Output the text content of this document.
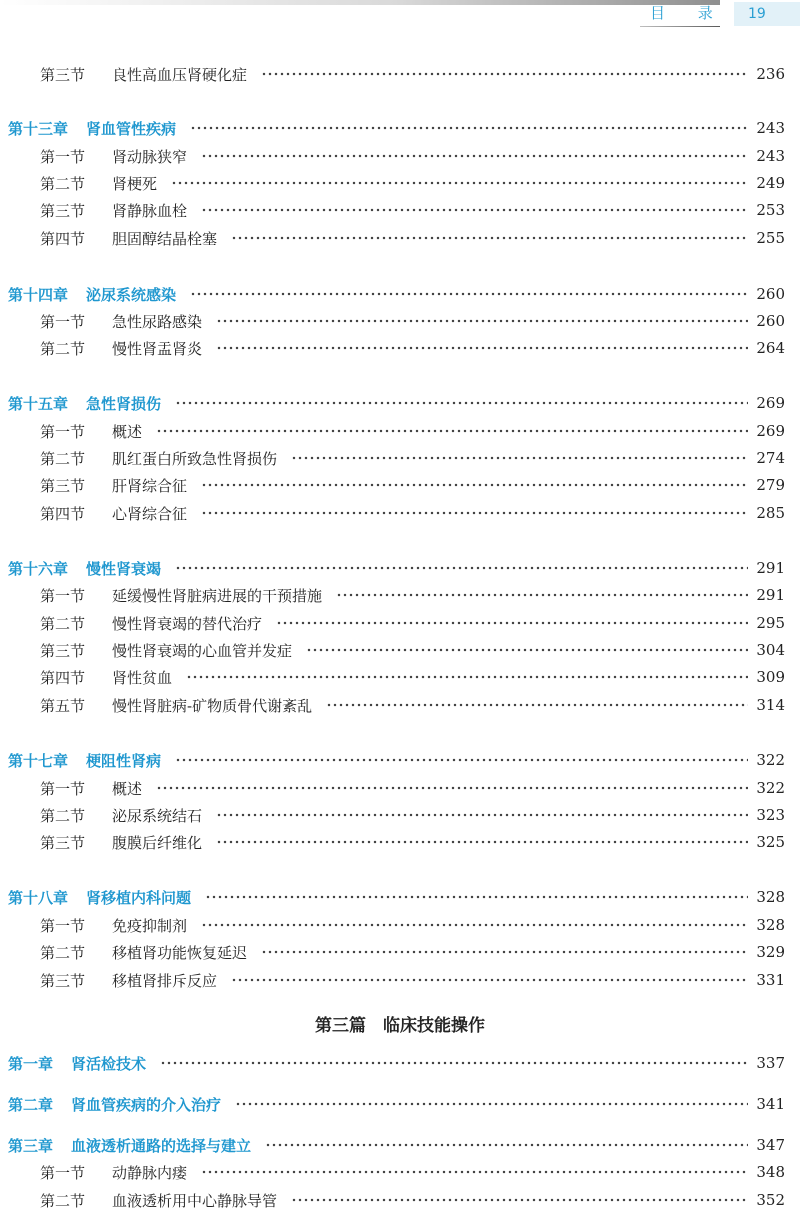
目 录 19
第三节 良性高血压肾硬化症	236
第十三章 肾血管性疾病	243
第一节 肾动脉狭窄	243
第二节 肾梗死	249
第三节 肾静脉血栓	253
第四节 胆固醇结晶栓塞	255
第十四章 泌尿系统感染	260
第一节 急性尿路感染	260
第二节 慢性肾盂肾炎	264
第十五章 急性肾损伤	269
第一节 概述	269
第二节 肌红蛋白所致急性肾损伤	274
第三节 肝肾综合征	279
第四节 心肾综合征	285
第十六章 慢性肾衰竭	291
第一节 延缓慢性肾脏病进展的干预措施	291
第二节 慢性肾衰竭的替代治疗	295
第三节 慢性肾衰竭的心血管并发症	304
第四节 肾性贫血	309
第五节 慢性肾脏病-矿物质骨代谢紊乱	314
第十七章 梗阻性肾病	322
第一节 概述	322
第二节 泌尿系统结石	323
第三节 腹膜后纤维化	325
第十八章 肾移植内科问题	328
第一节 免疫抑制剂	328
第二节 移植肾功能恢复延迟	329
第三节 移植肾排斥反应	331
第一章 肾活检技术	337
第二章 肾血管疾病的介入治疗	341
第三章 血液透析通路的选择与建立	347
第一节 动静脉内瘘	348
第二节 血液透析用中心静脉导管	352
第三篇　临床技能操作
